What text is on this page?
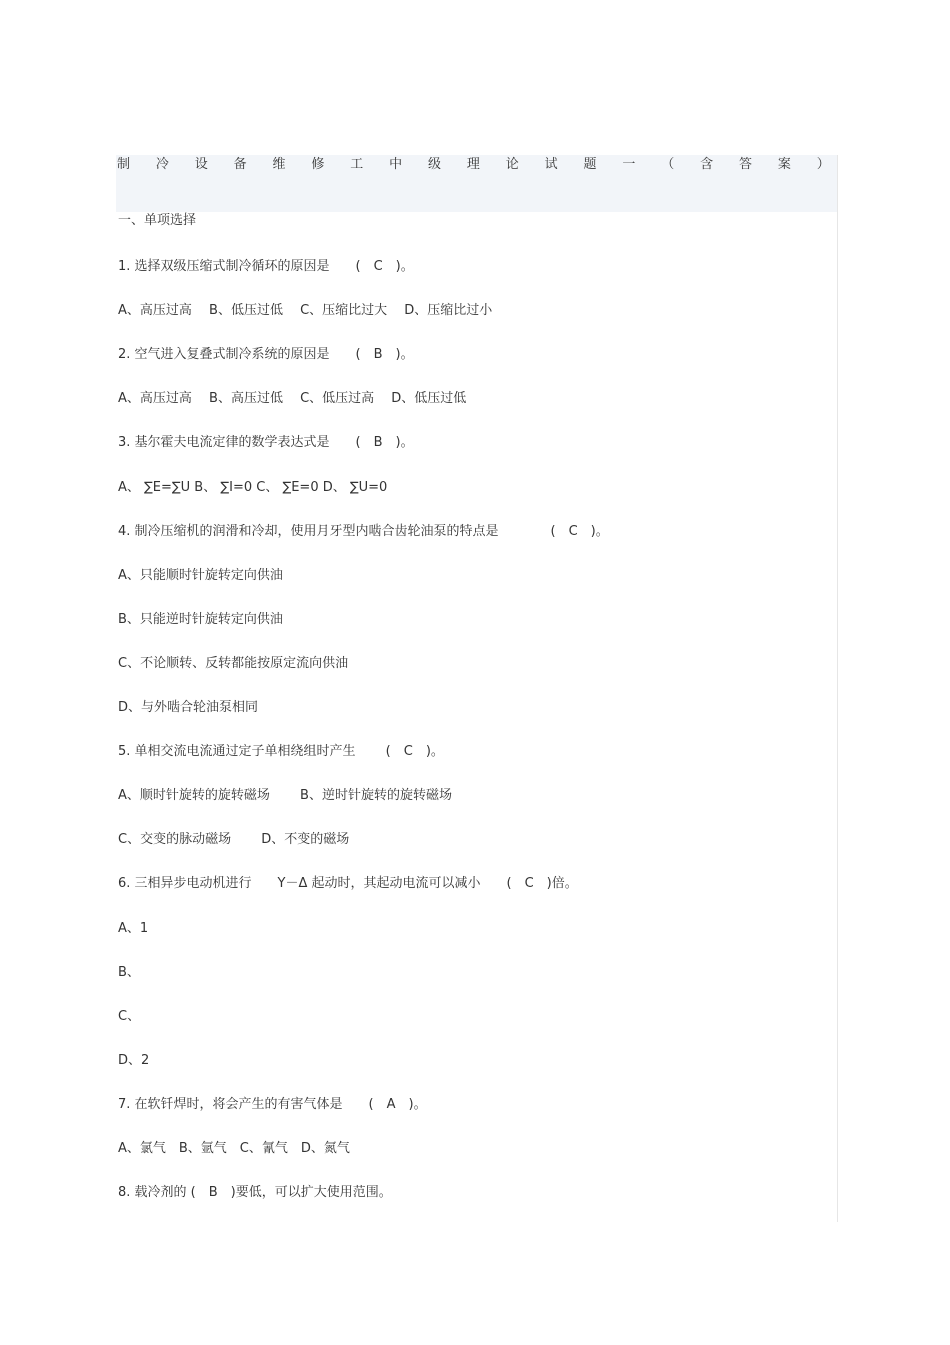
制 冷 设 备 维 修 工 中 级 理 论 试 题 一 （ 含 答 案 ）
一、单项选择
1. 选择双级压缩式制冷循环的原因是　　(　C　)。
A、高压过高　 B、低压过低　 C、压缩比过大　 D、压缩比过小
2. 空气进入复叠式制冷系统的原因是　　(　B　)。
A、高压过高　 B、高压过低　 C、低压过高　 D、低压过低
3. 基尔霍夫电流定律的数学表达式是　　(　B　)。
A、 ∑E=∑U B、 ∑I=0 C、 ∑E=0 D、 ∑U=0
4. 制冷压缩机的润滑和冷却，使用月牙型内啮合齿轮油泵的特点是　　　　(　C　)。
A、只能顺时针旋转定向供油
B、只能逆时针旋转定向供油
C、不论顺转、反转都能按原定流向供油
D、与外啮合轮油泵相同
5. 单相交流电流通过定子单相绕组时产生　　 (　C　)。
A、顺时针旋转的旋转磁场　　 B、逆时针旋转的旋转磁场
C、交变的脉动磁场　　 D、不变的磁场
6. 三相异步电动机进行　　Y－Δ 起动时，其起动电流可以减小　　(　C　)倍。
A、1
B、
C、
D、2
7. 在软钎焊时，将会产生的有害气体是　　(　A　)。
A、氯气　B、氩气　C、氰气　D、氮气
8. 载冷剂的 (　B　)要低，可以扩大使用范围。
